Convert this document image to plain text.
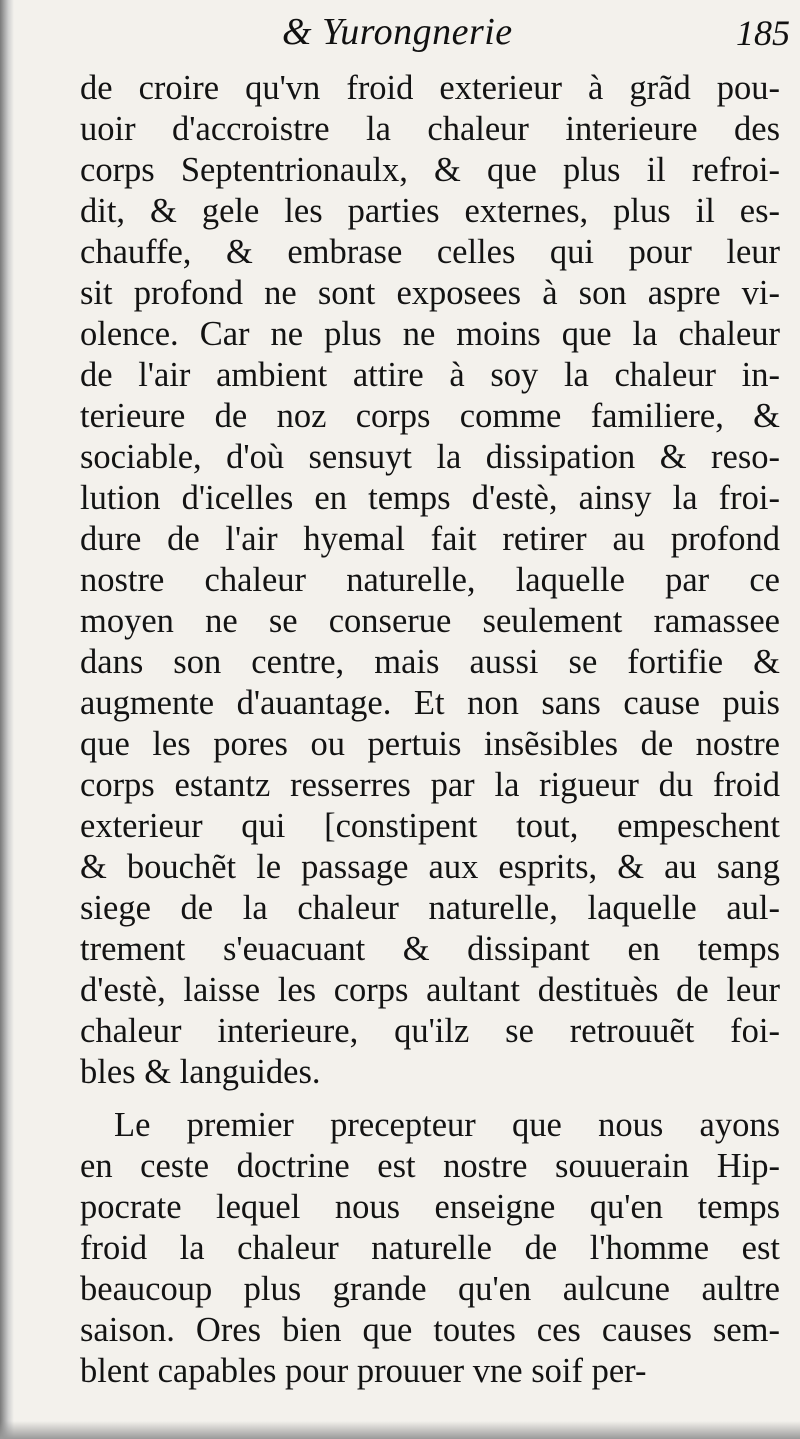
& Yurongnerie	185
de croire qu'vn froid exterieur à grãd pou-
uoir d'accroistre la chaleur interieure des
corps Septentrionaulx, & que plus il refroi-
dit, & gele les parties externes, plus il es-
chauffe, & embrase celles qui pour leur
sit profond ne sont exposees à son aspre vi-
olence. Car ne plus ne moins que la chaleur
de l'air ambient attire à soy la chaleur in-
terieure de noz corps comme familiere, &
sociable, d'où sensuyt la dissipation & reso-
lution d'icelles en temps d'estè, ainsy la froi-
dure de l'air hyemal fait retirer au profond
nostre chaleur naturelle, laquelle par ce
moyen ne se conserue seulement ramassee
dans son centre, mais aussi se fortifie &
augmente d'auantage. Et non sans cause puis
que les pores ou pertuis insẽsibles de nostre
corps estantz resserres par la rigueur du froid
exterieur qui [constipent tout, empeschent
& bouchẽt le passage aux esprits, & au sang
siege de la chaleur naturelle, laquelle aul-
trement s'euacuant & dissipant en temps
d'estè, laisse les corps aultant destituès de leur
chaleur interieure, qu'ilz se retrouuẽt foi-
bles & languides.
Le premier precepteur que nous ayons
en ceste doctrine est nostre souuerain Hip-
pocrate lequel nous enseigne qu'en temps
froid la chaleur naturelle de l'homme est
beaucoup plus grande qu'en aulcune aultre
saison. Ores bien que toutes ces causes sem-
blent capables pour prouuer vne soif per-
